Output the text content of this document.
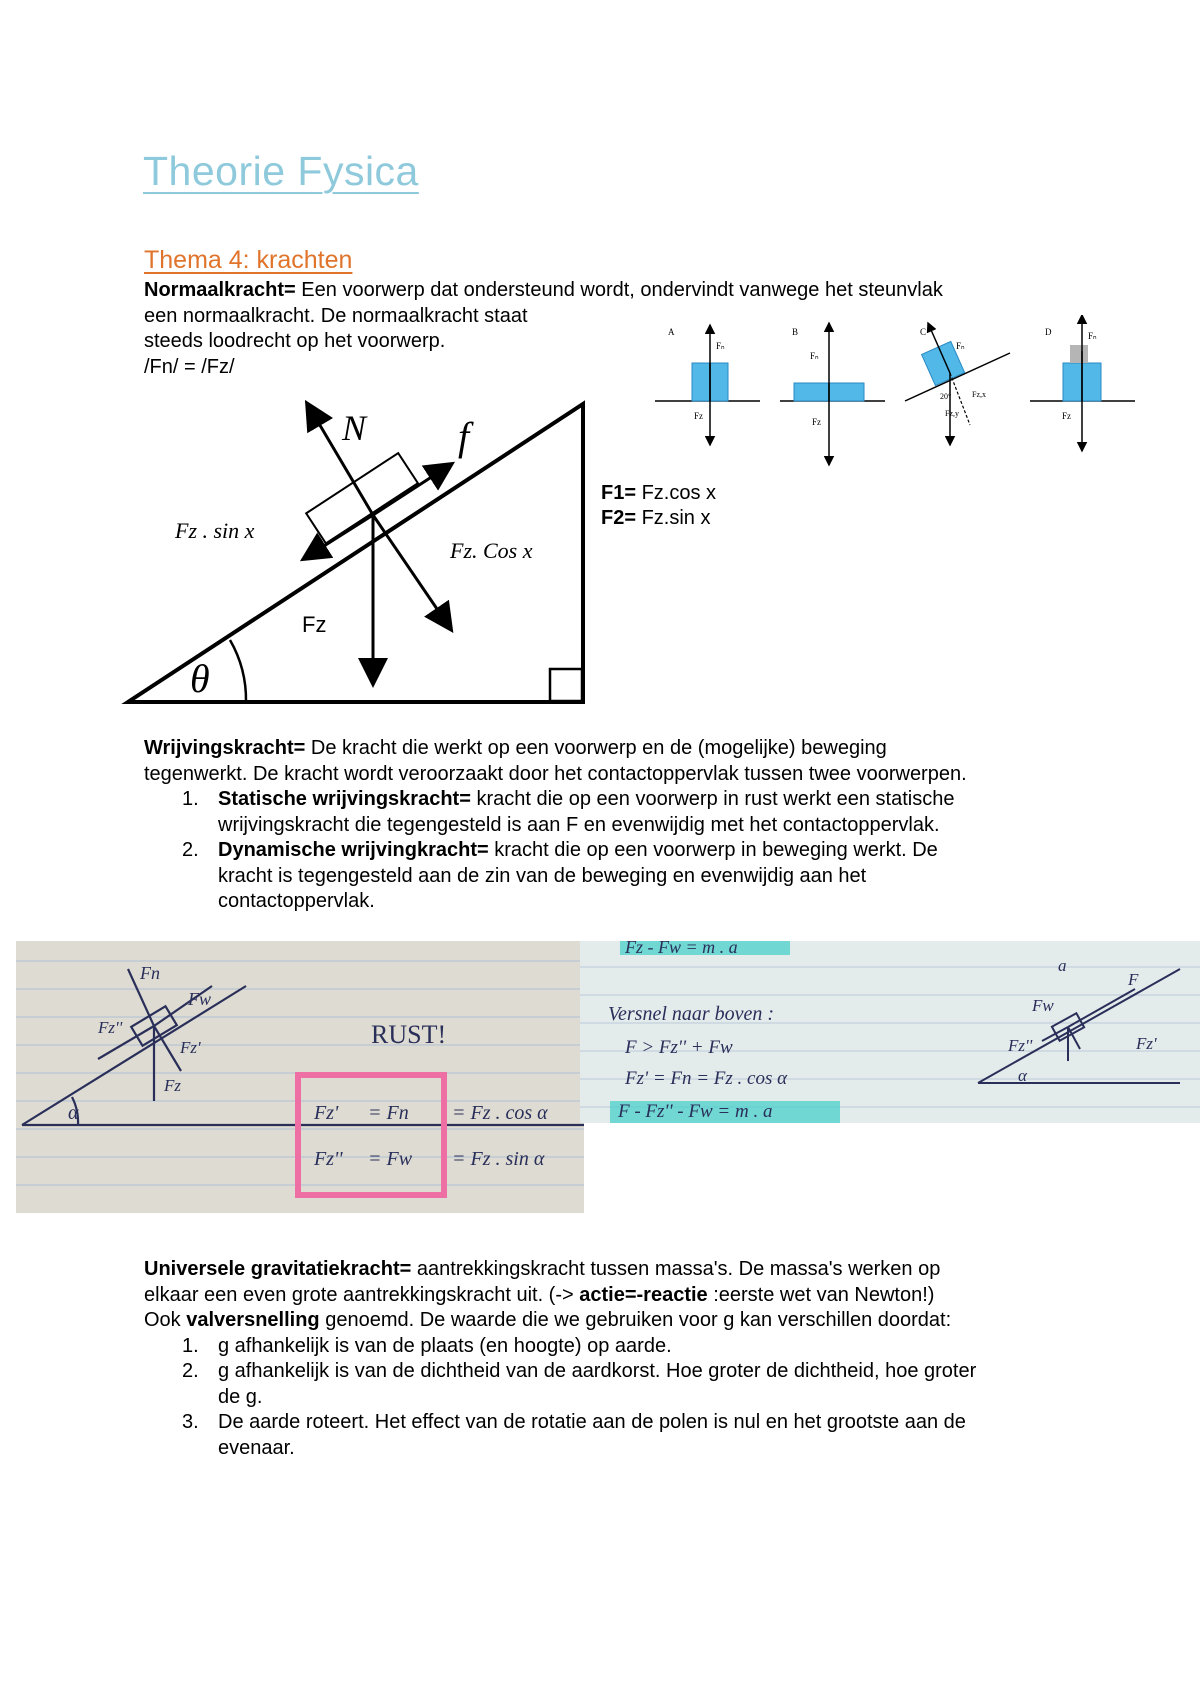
Theorie Fysica
Thema 4: krachten
Normaalkracht= Een voorwerp dat ondersteund wordt, ondervindt vanwege het steunvlak
een normaalkracht. De normaalkracht staat
steeds loodrecht op het voorwerp.
/Fn/ = /Fz/
N f
Fz . sin x
Fz. Cos x
Fz
θ
A
Fₙ
Fz
B
Fₙ
Fz
C
Fₙ
20°
Fz,y
Fz,x
D	Fₙ
Fz
F1= Fz.cos x
F2= Fz.sin x
Wrijvingskracht= De kracht die werkt op een voorwerp en de (mogelijke) beweging
tegenwerkt. De kracht wordt veroorzaakt door het contactoppervlak tussen twee voorwerpen.
1. Statische wrijvingskracht= kracht die op een voorwerp in rust werkt een statische
wrijvingskracht die tegengesteld is aan F en evenwijdig met het contactoppervlak.
2. Dynamische wrijvingkracht= kracht die op een voorwerp in beweging werkt. De
kracht is tegengesteld aan de zin van de beweging en evenwijdig aan het
contactoppervlak.
Fn
Fw
Fz''
Fz'
Fz
α
RUST!
Fz' = Fn = Fz . cos α
Fz'' = Fw = Fz . sin α
Fz - Fw = m . a
Versnel naar boven :
F > Fz'' + Fw
Fz' = Fn = Fz . cos α
F - Fz'' - Fw = m . a
a
F
Fw
Fz''	Fz'
α
Universele gravitatiekracht= aantrekkingskracht tussen massa's. De massa's werken op
elkaar een even grote aantrekkingskracht uit. (-> actie=-reactie :eerste wet van Newton!)
Ook valversnelling genoemd. De waarde die we gebruiken voor g kan verschillen doordat:
1. g afhankelijk is van de plaats (en hoogte) op aarde.
2. g afhankelijk is van de dichtheid van de aardkorst. Hoe groter de dichtheid, hoe groter
de g.
3. De aarde roteert. Het effect van de rotatie aan de polen is nul en het grootste aan de
evenaar.
